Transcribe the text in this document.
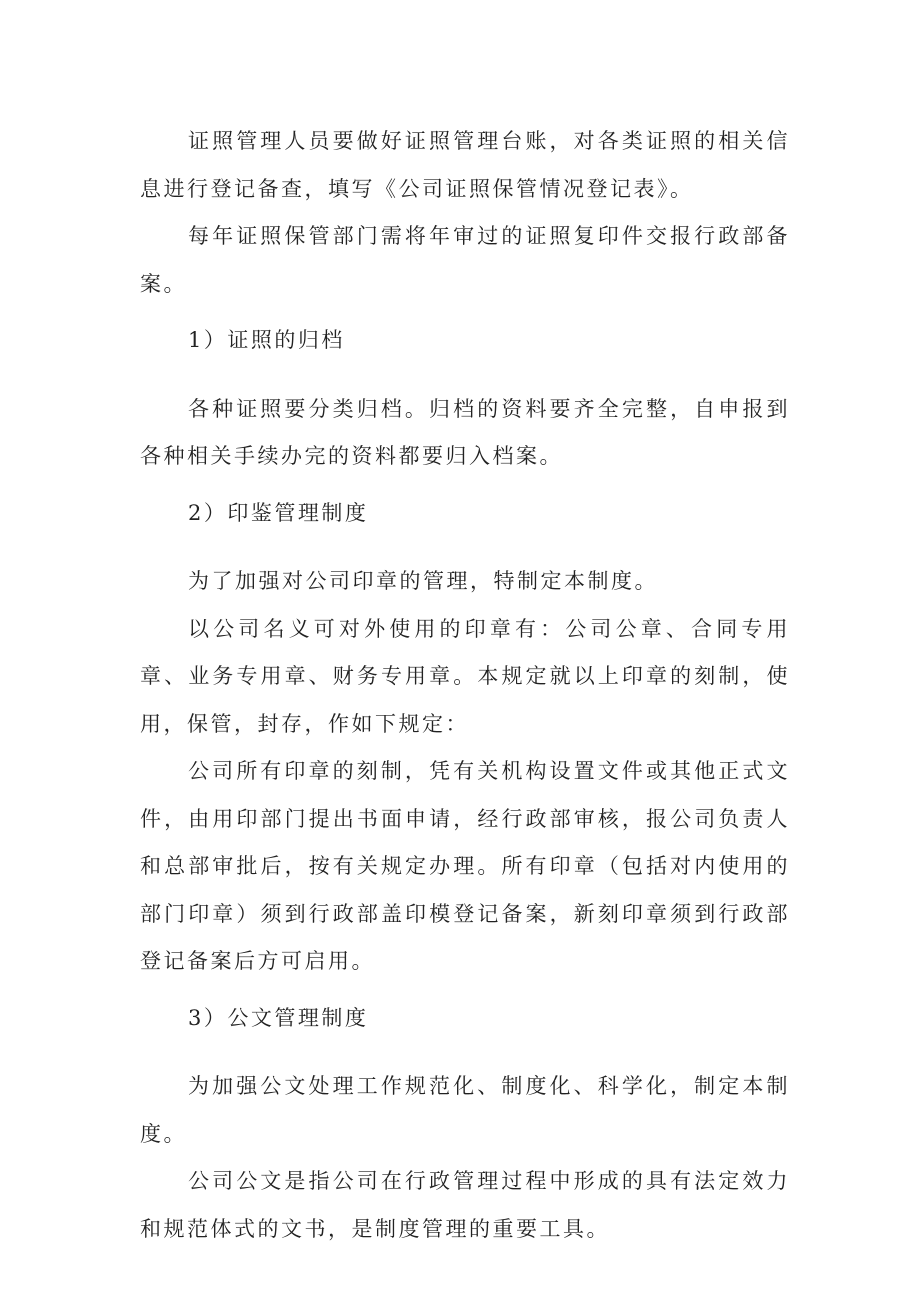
证照管理人员要做好证照管理台账，对各类证照的相关信息进行登记备查，填写《公司证照保管情况登记表》。

每年证照保管部门需将年审过的证照复印件交报行政部备案。

1）证照的归档

各种证照要分类归档。归档的资料要齐全完整，自申报到各种相关手续办完的资料都要归入档案。

2）印鉴管理制度

为了加强对公司印章的管理，特制定本制度。

以公司名义可对外使用的印章有：公司公章、合同专用章、业务专用章、财务专用章。本规定就以上印章的刻制，使用，保管，封存，作如下规定：

公司所有印章的刻制，凭有关机构设置文件或其他正式文件，由用印部门提出书面申请，经行政部审核，报公司负责人和总部审批后，按有关规定办理。所有印章（包括对内使用的部门印章）须到行政部盖印模登记备案，新刻印章须到行政部登记备案后方可启用。

3）公文管理制度

为加强公文处理工作规范化、制度化、科学化，制定本制度。

公司公文是指公司在行政管理过程中形成的具有法定效力和规范体式的文书，是制度管理的重要工具。
